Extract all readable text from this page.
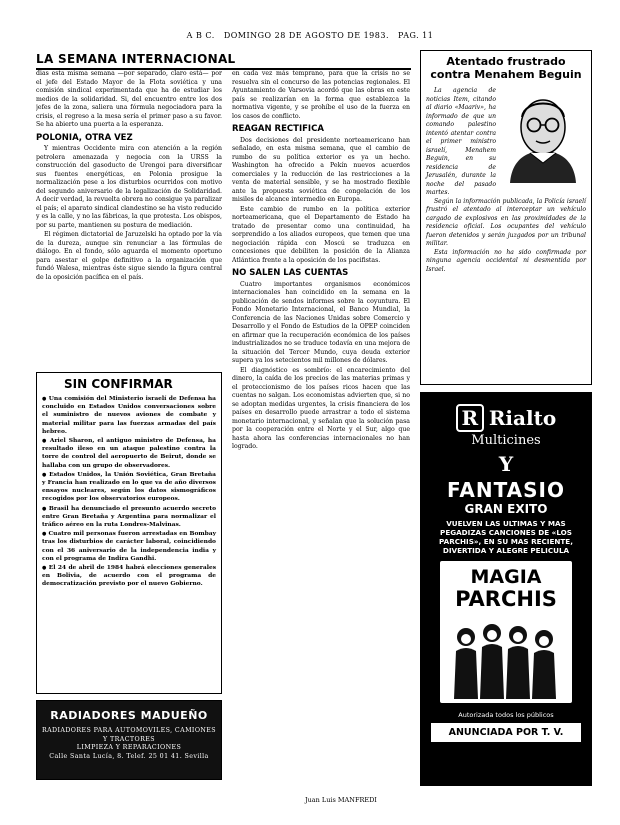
A B C. DOMINGO 28 DE AGOSTO DE 1983. PAG. 11
LA SEMANA INTERNACIONAL

dias esta misma semana —por separado, claro está— por el jefe del Estado Mayor de la Flota soviética y una comisión sindical experimentada que ha de estudiar los medios de la solidaridad. Si, del encuentro entre los dos jefes de la zona, saliera una fórmula negociadora para la crisis, el regreso a la mesa sería el primer paso a su favor. Se ha abierto una puerta a la esperanza.

POLONIA, OTRA VEZ

Y mientras Occidente mira con atención a la región petrolera amenazada y negocia con la URSS la construcción del gasoducto de Urengoi para diversificar sus fuentes energéticas, en Polonia prosigue la normalización pese a los disturbios ocurridos con motivo del segundo aniversario de la legalización de Solidaridad. A decir verdad, la revuelta obrera no consigue ya paralizar el país; el aparato sindical clandestino se ha visto reducido y es la calle, y no las fábricas, la que protesta. Los obispos, por su parte, mantienen su postura de mediación.

El régimen dictatorial de Jaruzelski ha optado por la vía de la dureza, aunque sin renunciar a las fórmulas de diálogo. En el fondo, sólo aguarda el momento oportuno para asestar el golpe definitivo a la organización que fundó Walesa, mientras éste sigue siendo la figura central de la oposición pacífica en el país.

SIN CONFIRMAR
● Una comisión del Ministerio israelí de Defensa ha concluido en Estados Unidos conversaciones sobre el suministro de nuevos aviones de combate y material militar para las fuerzas armadas del país hebreo.
● Ariel Sharon, el antiguo ministro de Defensa, ha resultado ileso en un ataque palestino contra la torre de control del aeropuerto de Beirut, donde se hallaba con un grupo de observadores.
● Estados Unidos, la Unión Soviética, Gran Bretaña y Francia han realizado en lo que va de año diversos ensayos nucleares, según los datos sismográficos recogidos por los observatorios europeos.
● Brasil ha denunciado el presunto acuerdo secreto entre Gran Bretaña y Argentina para normalizar el tráfico aéreo en la ruta Londres-Malvinas.
● Cuatro mil personas fueron arrestadas en Bombay tras los disturbios de carácter laboral, coincidiendo con el 36 aniversario de la independencia india y con el programa de Indira Gandhi.
● El 24 de abril de 1984 habrá elecciones generales en Bolivia, de acuerdo con el programa de democratización previsto por el nuevo Gobierno.
RADIADORES MADUEÑO
RADIADORES PARA AUTOMOVILES, CAMIONES Y TRACTORES
LIMPIEZA Y REPARACIONES
Calle Santa Lucía, 8. Telef. 25 01 41. Sevilla

en cada vez más temprano, para que la crisis no se resuelva sin el concurso de las potencias regionales. El Ayuntamiento de Varsovia acordó que las obras en este país se realizarían en la forma que establezca la normativa vigente, y se prohíbe el uso de la fuerza en los casos de conflicto.

REAGAN RECTIFICA

Dos decisiones del presidente norteamericano han señalado, en esta misma semana, que el cambio de rumbo de su política exterior es ya un hecho. Washington ha ofrecido a Pekín nuevos acuerdos comerciales y la reducción de las restricciones a la venta de material sensible, y se ha mostrado flexible ante la propuesta soviética de congelación de los misiles de alcance intermedio en Europa.

Este cambio de rumbo en la política exterior norteamericana, que el Departamento de Estado ha tratado de presentar como una continuidad, ha sorprendido a los aliados europeos, que temen que una negociación rápida con Moscú se traduzca en concesiones que debiliten la posición de la Alianza Atlántica frente a la oposición de los pacifistas.

NO SALEN LAS CUENTAS

Cuatro importantes organismos económicos internacionales han coincidido en la semana en la publicación de sendos informes sobre la coyuntura. El Fondo Monetario Internacional, el Banco Mundial, la Conferencia de las Naciones Unidas sobre Comercio y Desarrollo y el Fondo de Estudios de la OPEP coinciden en afirmar que la recuperación económica de los países industrializados no se traduce todavía en una mejora de la situación del Tercer Mundo, cuya deuda exterior supera ya los setecientos mil millones de dólares.

El diagnóstico es sombrío: el encarecimiento del dinero, la caída de los precios de las materias primas y el proteccionismo de los países ricos hacen que las cuentas no salgan. Los economistas advierten que, si no se adoptan medidas urgentes, la crisis financiera de los países en desarrollo puede arrastrar a todo el sistema monetario internacional, y señalan que la solución pasa por la cooperación entre el Norte y el Sur, algo que hasta ahora las conferencias internacionales no han logrado.

Juan Luis MANFREDI
Atentado frustrado contra Menahem Beguin

La agencia de noticias Item, citando al diario «Maariv», ha informado de que un comando palestino intentó atentar contra el primer ministro israelí, Menahem Beguin, en su residencia de Jerusalén, durante la noche del pasado martes.

Según la información publicada, la Policía israelí frustró el atentado al interceptar un vehículo cargado de explosivos en las proximidades de la residencia oficial. Los ocupantes del vehículo fueron detenidos y serán juzgados por un tribunal militar.

Esta información no ha sido confirmada por ninguna agencia occidental ni desmentida por Israel.

R Rialto
Multicines
Y
FANTASIO
GRAN EXITO
VUELVEN LAS ULTIMAS Y MAS PEGADIZAS CANCIONES DE «LOS PARCHIS», EN SU MAS RECIENTE, DIVERTIDA Y ALEGRE PELICULA
MAGIA
PARCHIS
Autorizada todos los públicos
ANUNCIADA POR T. V.
